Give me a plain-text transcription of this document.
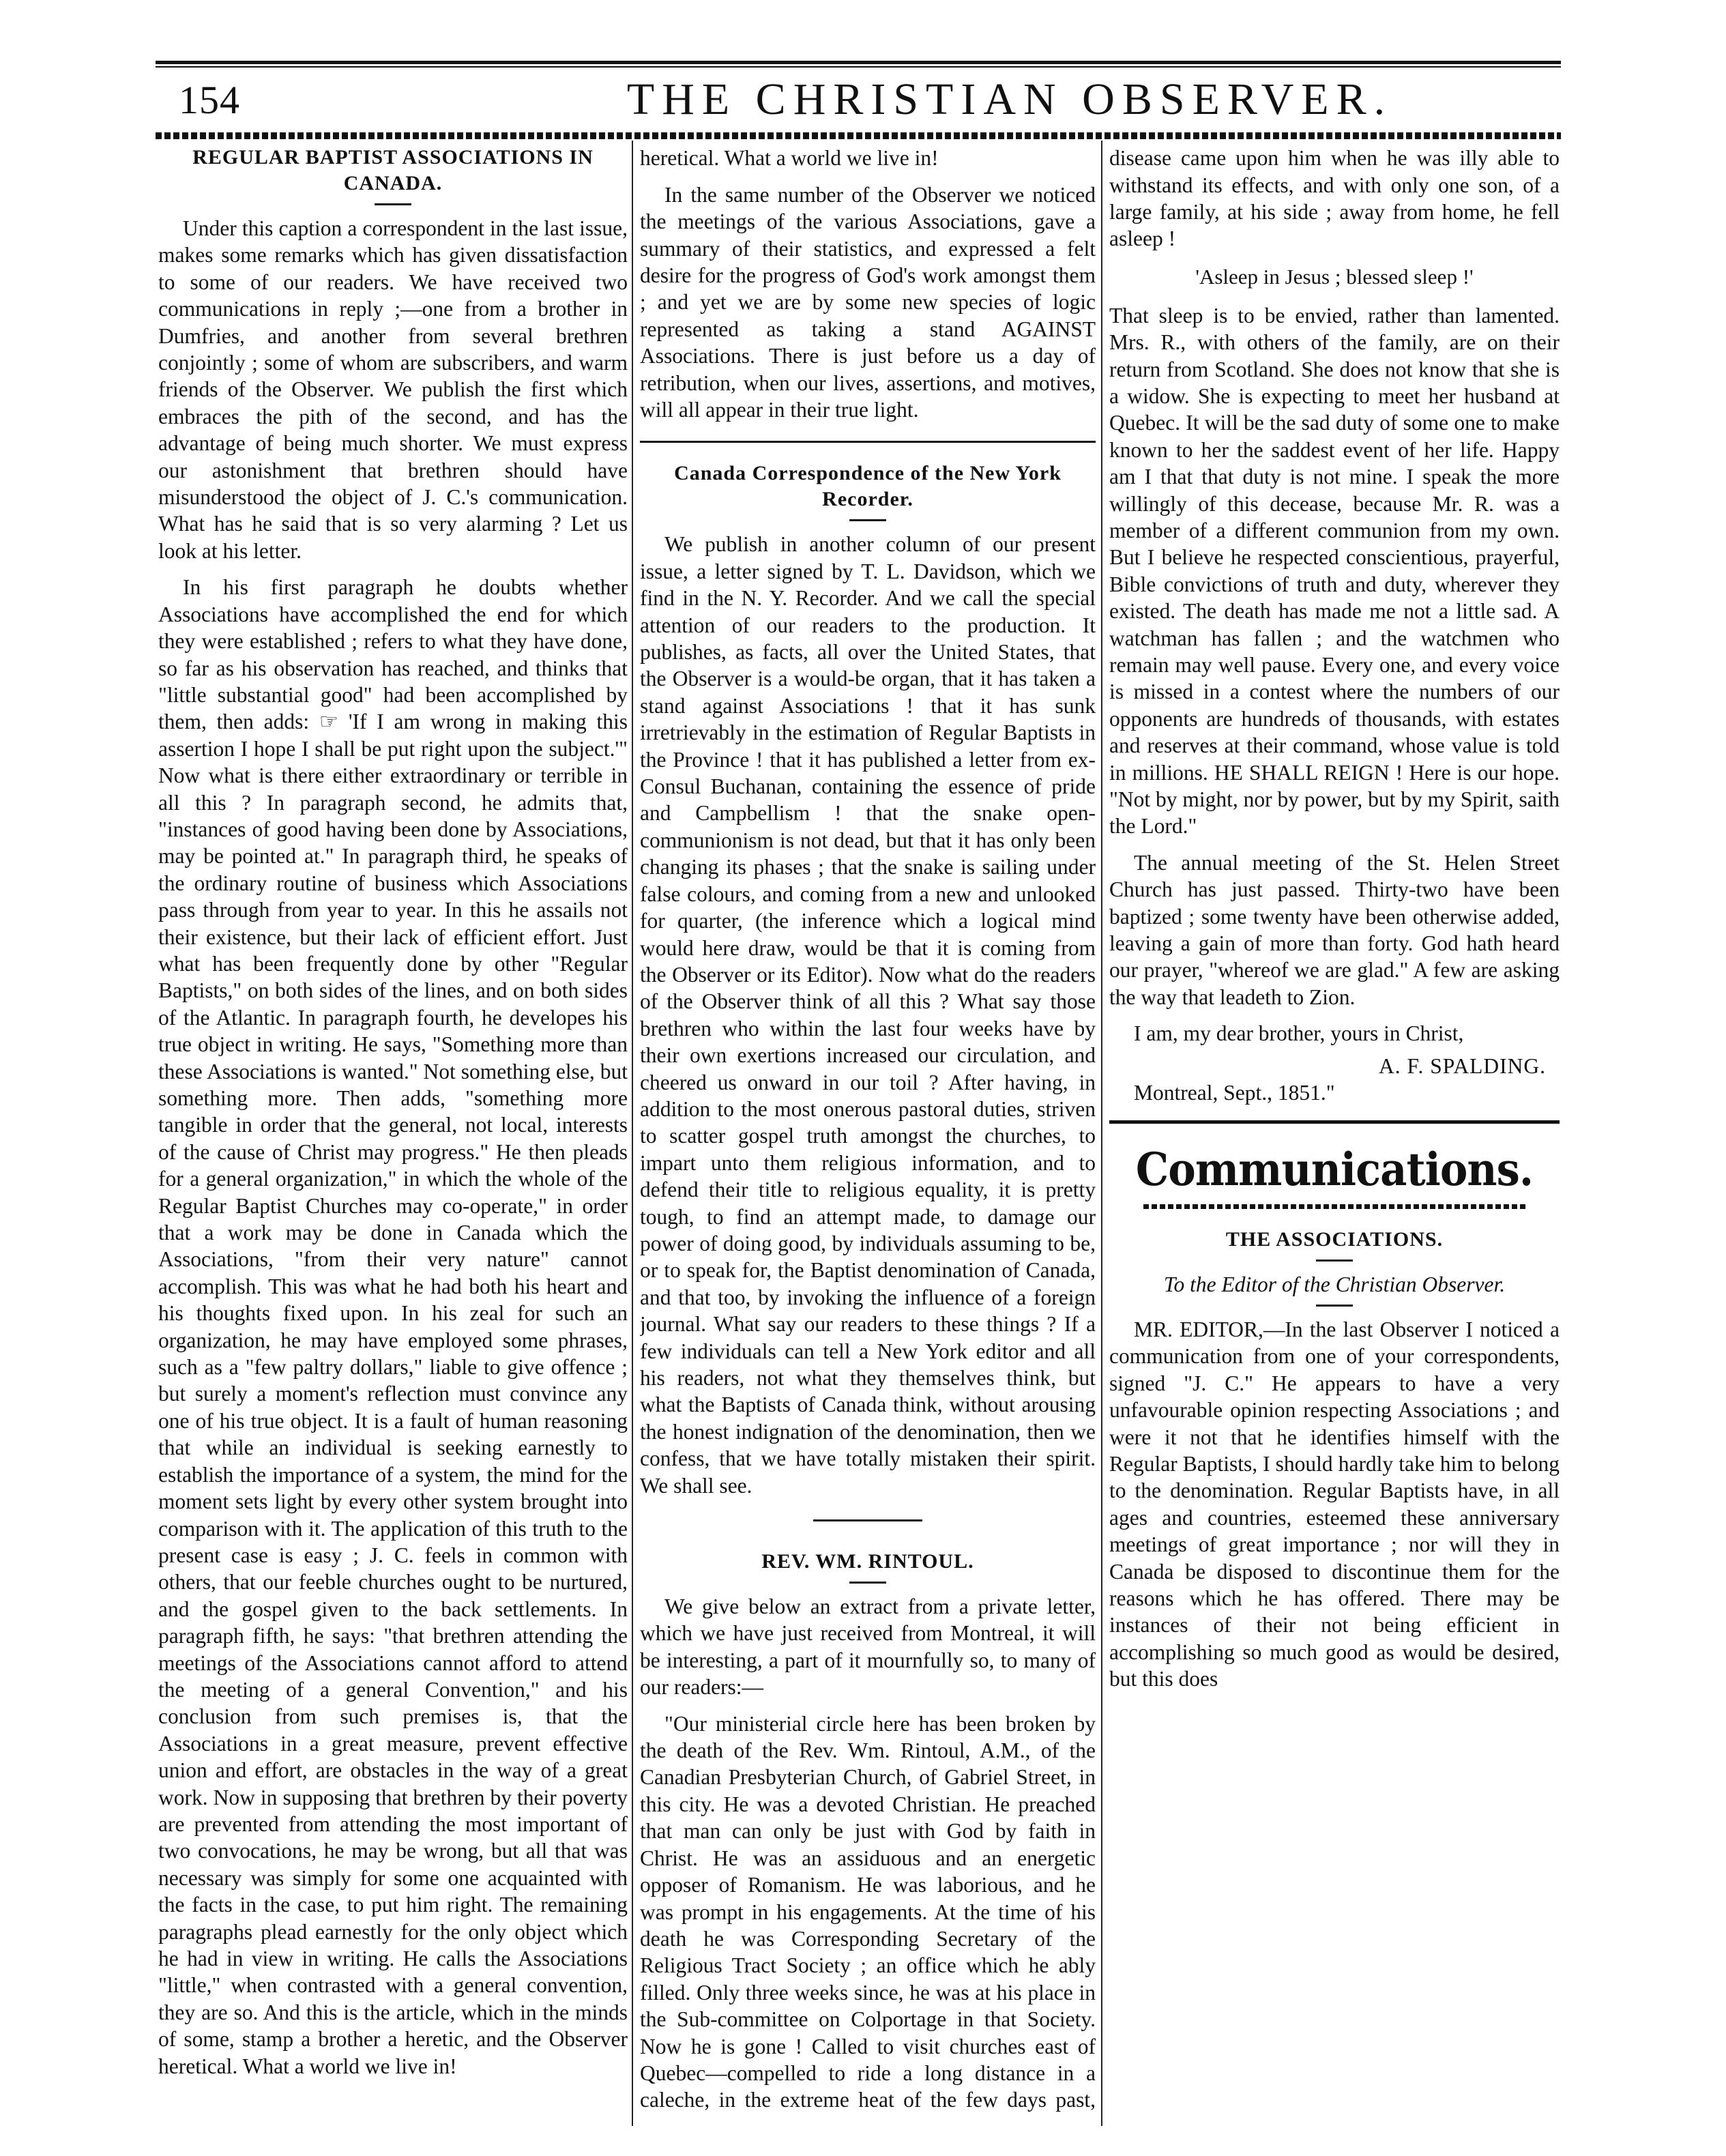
154	THE CHRISTIAN OBSERVER.
REGULAR BAPTIST ASSOCIATIONS IN
CANADA.

Under this caption a correspondent in the last issue, makes some remarks which has given dissatisfaction to some of our readers. We have received two communications in reply ;—one from a brother in Dumfries, and another from several brethren conjointly ; some of whom are subscribers, and warm friends of the Observer. We publish the first which embraces the pith of the second, and has the advantage of being much shorter. We must express our astonishment that brethren should have misunderstood the object of J. C.'s communication. What has he said that is so very alarming ? Let us look at his letter.

In his first paragraph he doubts whether Associations have accomplished the end for which they were established ; refers to what they have done, so far as his observation has reached, and thinks that "little substantial good" had been accomplished by them, then adds: ☞ 'If I am wrong in making this assertion I hope I shall be put right upon the subject.'" Now what is there either extraordinary or terrible in all this ? In paragraph second, he admits that, "instances of good having been done by Associations, may be pointed at." In paragraph third, he speaks of the ordinary routine of business which Associations pass through from year to year. In this he assails not their existence, but their lack of efficient effort. Just what has been frequently done by other "Regular Baptists," on both sides of the lines, and on both sides of the Atlantic. In paragraph fourth, he developes his true object in writing. He says, "Something more than these Associations is wanted." Not something else, but something more. Then adds, "something more tangible in order that the general, not local, interests of the cause of Christ may progress." He then pleads for a general organization," in which the whole of the Regular Baptist Churches may co-operate," in order that a work may be done in Canada which the Associations, "from their very nature" cannot accomplish. This was what he had both his heart and his thoughts fixed upon. In his zeal for such an organization, he may have employed some phrases, such as a "few paltry dollars," liable to give offence ; but surely a moment's reflection must convince any one of his true object. It is a fault of human reasoning that while an individual is seeking earnestly to establish the importance of a system, the mind for the moment sets light by every other system brought into comparison with it. The application of this truth to the present case is easy ; J. C. feels in common with others, that our feeble churches ought to be nurtured, and the gospel given to the back settlements. In paragraph fifth, he says: "that brethren attending the meetings of the Associations cannot afford to attend the meeting of a general Convention," and his conclusion from such premises is, that the Associations in a great measure, prevent effective union and effort, are obstacles in the way of a great work. Now in supposing that brethren by their poverty are prevented from attending the most important of two convocations, he may be wrong, but all that was necessary was simply for some one acquainted with the facts in the case, to put him right. The remaining paragraphs plead earnestly for the only object which he had in view in writing. He calls the Associations "little," when contrasted with a general convention, they are so. And this is the article, which in the minds of some, stamp a brother a heretic, and the Observer heretical. What a world we live in!

heretical. What a world we live in!

In the same number of the Observer we noticed the meetings of the various Associations, gave a summary of their statistics, and expressed a felt desire for the progress of God's work amongst them ; and yet we are by some new species of logic represented as taking a stand AGAINST Associations. There is just before us a day of retribution, when our lives, assertions, and motives, will all appear in their true light.

Canada Correspondence of the New York Recorder.

We publish in another column of our present issue, a letter signed by T. L. Davidson, which we find in the N. Y. Recorder. And we call the special attention of our readers to the production. It publishes, as facts, all over the United States, that the Observer is a would-be organ, that it has taken a stand against Associations ! that it has sunk irretrievably in the estimation of Regular Baptists in the Province ! that it has published a letter from ex-Consul Buchanan, containing the essence of pride and Campbellism ! that the snake open-communionism is not dead, but that it has only been changing its phases ; that the snake is sailing under false colours, and coming from a new and unlooked for quarter, (the inference which a logical mind would here draw, would be that it is coming from the Observer or its Editor). Now what do the readers of the Observer think of all this ? What say those brethren who within the last four weeks have by their own exertions increased our circulation, and cheered us onward in our toil ? After having, in addition to the most onerous pastoral duties, striven to scatter gospel truth amongst the churches, to impart unto them religious information, and to defend their title to religious equality, it is pretty tough, to find an attempt made, to damage our power of doing good, by individuals assuming to be, or to speak for, the Baptist denomination of Canada, and that too, by invoking the influence of a foreign journal. What say our readers to these things ? If a few individuals can tell a New York editor and all his readers, not what they themselves think, but what the Baptists of Canada think, without arousing the honest indignation of the denomination, then we confess, that we have totally mistaken their spirit. We shall see.

REV. WM. RINTOUL.

We give below an extract from a private letter, which we have just received from Montreal, it will be interesting, a part of it mournfully so, to many of our readers:—

"Our ministerial circle here has been broken by the death of the Rev. Wm. Rintoul, A.M., of the Canadian Presbyterian Church, of Gabriel Street, in this city. He was a devoted Christian. He preached that man can only be just with God by faith in Christ. He was an assiduous and an energetic opposer of Romanism. He was laborious, and he was prompt in his engagements. At the time of his death he was Corresponding Secretary of the Religious Tract Society ; an office which he ably filled. Only three weeks since, he was at his place in the Sub-committee on Colportage in that Society. Now he is gone ! Called to visit churches east of Quebec—compelled to ride a long distance in a caleche, in the extreme heat of the few days past,

disease came upon him when he was illy able to withstand its effects, and with only one son, of a large family, at his side ; away from home, he fell asleep !

'Asleep in Jesus ; blessed sleep !'

That sleep is to be envied, rather than lamented. Mrs. R., with others of the family, are on their return from Scotland. She does not know that she is a widow. She is expecting to meet her husband at Quebec. It will be the sad duty of some one to make known to her the saddest event of her life. Happy am I that that duty is not mine. I speak the more willingly of this decease, because Mr. R. was a member of a different communion from my own. But I believe he respected conscientious, prayerful, Bible convictions of truth and duty, wherever they existed. The death has made me not a little sad. A watchman has fallen ; and the watchmen who remain may well pause. Every one, and every voice is missed in a contest where the numbers of our opponents are hundreds of thousands, with estates and reserves at their command, whose value is told in millions. HE SHALL REIGN ! Here is our hope. "Not by might, nor by power, but by my Spirit, saith the Lord."

The annual meeting of the St. Helen Street Church has just passed. Thirty-two have been baptized ; some twenty have been otherwise added, leaving a gain of more than forty. God hath heard our prayer, "whereof we are glad." A few are asking the way that leadeth to Zion.

I am, my dear brother, yours in Christ,

A. F. SPALDING.

Montreal, Sept., 1851."

Communications.
THE ASSOCIATIONS.
To the Editor of the Christian Observer.

MR. EDITOR,—In the last Observer I noticed a communication from one of your correspondents, signed "J. C." He appears to have a very unfavourable opinion respecting Associations ; and were it not that he identifies himself with the Regular Baptists, I should hardly take him to belong to the denomination. Regular Baptists have, in all ages and countries, esteemed these anniversary meetings of great importance ; nor will they in Canada be disposed to discontinue them for the reasons which he has offered. There may be instances of their not being efficient in accomplishing so much good as would be desired, but this does
